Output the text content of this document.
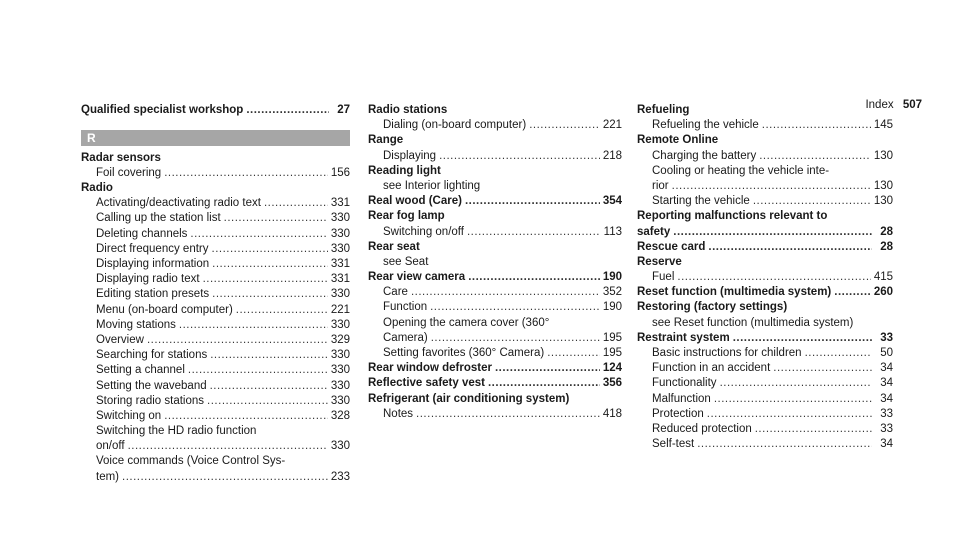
Index 507
Qualified specialist workshop .....	27
R
Radar sensors
Foil covering .....	156
Radio
Activating/deactivating radio text .....	331
Calling up the station list .....	330
Deleting channels .....	330
Direct frequency entry .....	330
Displaying information .....	331
Displaying radio text .....	331
Editing station presets .....	330
Menu (on-board computer) .....	221
Moving stations .....	330
Overview .....	329
Searching for stations .....	330
Setting a channel .....	330
Setting the waveband .....	330
Storing radio stations .....	330
Switching on .....	328
Switching the HD radio function
on/off .....	330
Voice commands (Voice Control Sys-
tem) .....	233
Radio stations
Dialing (on-board computer) .....	221
Range
Displaying .....	218
Reading light
see Interior lighting
Real wood (Care) .....	354
Rear fog lamp
Switching on/off .....	113
Rear seat
see Seat
Rear view camera .....	190
Care .....	352
Function .....	190
Opening the camera cover (360°
Camera) .....	195
Setting favorites (360° Camera) .....	195
Rear window defroster .....	124
Reflective safety vest .....	356
Refrigerant (air conditioning system)
Notes .....	418
Refueling
Refueling the vehicle .....	145
Remote Online
Charging the battery .....	130
Cooling or heating the vehicle inte-
rior .....	130
Starting the vehicle .....	130
Reporting malfunctions relevant to
safety .....	28
Rescue card .....	28
Reserve
Fuel .....	415
Reset function (multimedia system) .....	260
Restoring (factory settings)
see Reset function (multimedia system)
Restraint system .....	33
Basic instructions for children .....	50
Function in an accident .....	34
Functionality .....	34
Malfunction .....	34
Protection .....	33
Reduced protection .....	33
Self-test .....	34
